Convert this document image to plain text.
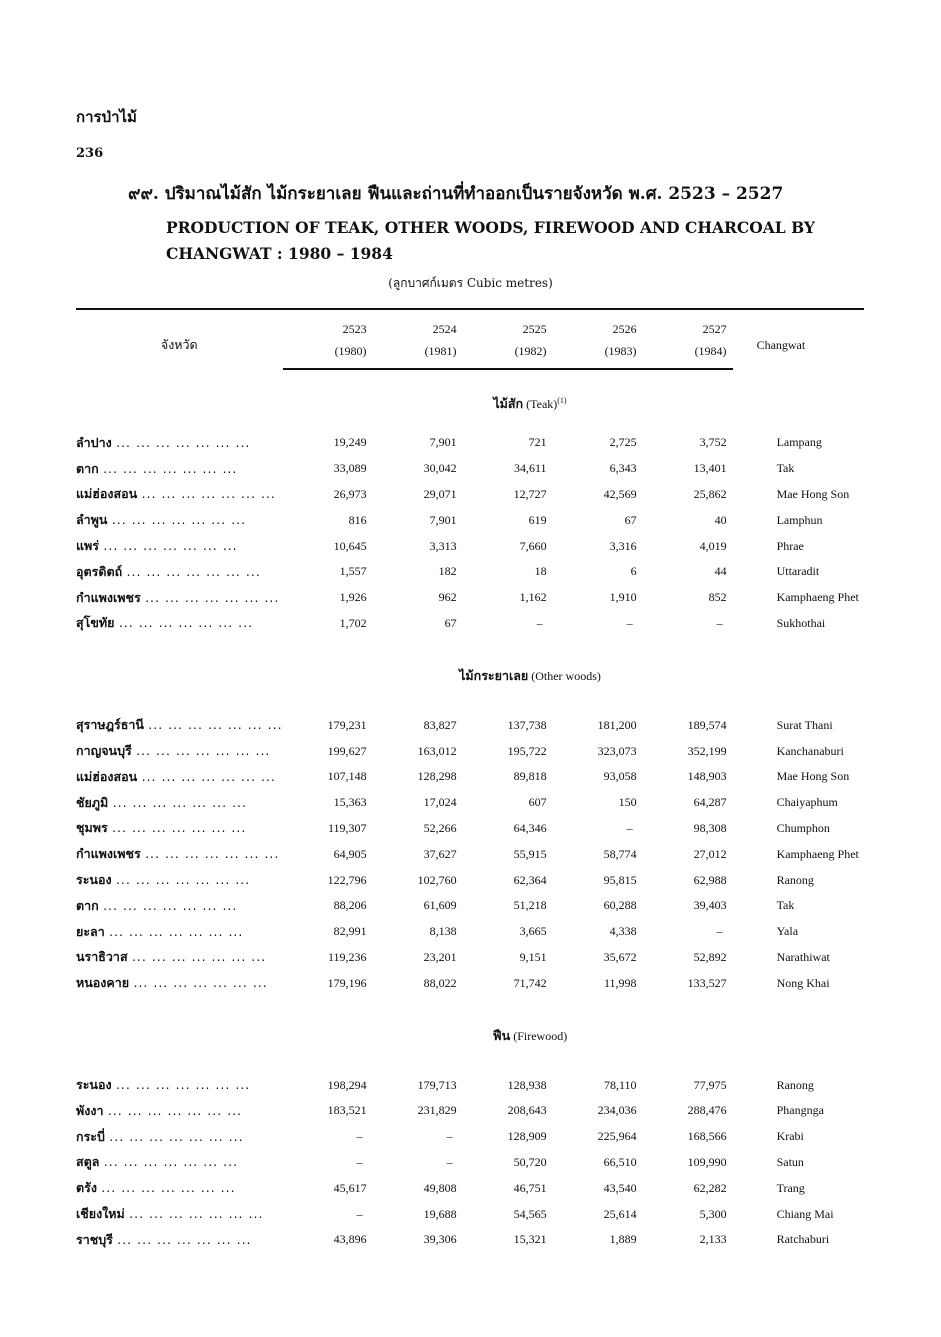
การป่าไม้
236

๙๙. ปริมาณไม้สัก ไม้กระยาเลย ฟืนและถ่านที่ทำออกเป็นรายจังหวัด พ.ศ. 2523 – 2527

PRODUCTION OF TEAK, OTHER WOODS, FIREWOOD AND CHARCOAL BY CHANGWAT : 1980 – 1984

(ลูกบาศก์เมตร Cubic metres)
จังหวัด	2523	2524	2525	2526	2527	Changwat
	(1980)	(1981)	(1982)	(1983)	(1984)	
ไม้สัก (Teak)$^{(1)}$
ลำปาง ... ... ... ... ... ... ...	19,249	7,901	721	2,725	3,752	Lampang
ตาก ... ... ... ... ... ... ...	33,089	30,042	34,611	6,343	13,401	Tak
แม่ฮ่องสอน ... ... ... ... ... ... ...	26,973	29,071	12,727	42,569	25,862	Mae Hong Son
ลำพูน ... ... ... ... ... ... ...	816	7,901	619	67	40	Lamphun
แพร่ ... ... ... ... ... ... ...	10,645	3,313	7,660	3,316	4,019	Phrae
อุตรดิตถ์ ... ... ... ... ... ... ...	1,557	182	18	6	44	Uttaradit
กำแพงเพชร ... ... ... ... ... ... ...	1,926	962	1,162	1,910	852	Kamphaeng Phet
สุโขทัย ... ... ... ... ... ... ...	1,702	67	–	–	–	Sukhothai
ไม้กระยาเลย (Other woods)						
สุราษฎร์ธานี ... ... ... ... ... ... ...	179,231	83,827	137,738	181,200	189,574	Surat Thani
กาญจนบุรี ... ... ... ... ... ... ...	199,627	163,012	195,722	323,073	352,199	Kanchanaburi
แม่ฮ่องสอน ... ... ... ... ... ... ...	107,148	128,298	89,818	93,058	148,903	Mae Hong Son
ชัยภูมิ ... ... ... ... ... ... ...	15,363	17,024	607	150	64,287	Chaiyaphum
ชุมพร ... ... ... ... ... ... ...	119,307	52,266	64,346	–	98,308	Chumphon
กำแพงเพชร ... ... ... ... ... ... ...	64,905	37,627	55,915	58,774	27,012	Kamphaeng Phet
ระนอง ... ... ... ... ... ... ...	122,796	102,760	62,364	95,815	62,988	Ranong
ตาก ... ... ... ... ... ... ...	88,206	61,609	51,218	60,288	39,403	Tak
ยะลา ... ... ... ... ... ... ...	82,991	8,138	3,665	4,338	–	Yala
นราธิวาส ... ... ... ... ... ... ...	119,236	23,201	9,151	35,672	52,892	Narathiwat
หนองคาย ... ... ... ... ... ... ...	179,196	88,022	71,742	11,998	133,527	Nong Khai
ฟืน (Firewood)						
ระนอง ... ... ... ... ... ... ...	198,294	179,713	128,938	78,110	77,975	Ranong
พังงา ... ... ... ... ... ... ...	183,521	231,829	208,643	234,036	288,476	Phangnga
กระบี่ ... ... ... ... ... ... ...	–	–	128,909	225,964	168,566	Krabi
สตูล ... ... ... ... ... ... ...	–	–	50,720	66,510	109,990	Satun
ตรัง ... ... ... ... ... ... ...	45,617	49,808	46,751	43,540	62,282	Trang
เชียงใหม่ ... ... ... ... ... ... ...	–	19,688	54,565	25,614	5,300	Chiang Mai
ราชบุรี ... ... ... ... ... ... ...	43,896	39,306	15,321	1,889	2,133	Ratchaburi
